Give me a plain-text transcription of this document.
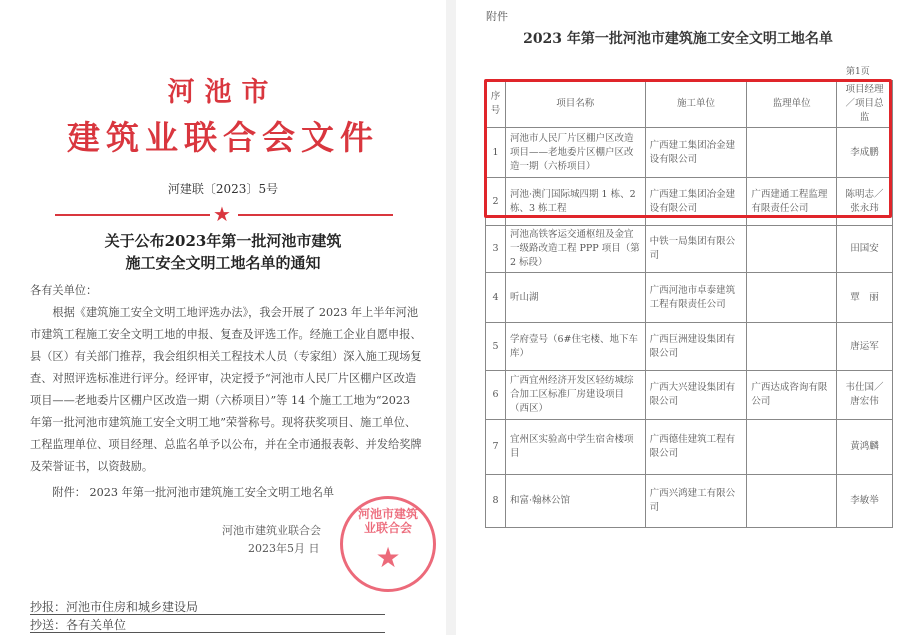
河池市
建筑业联合会文件
河建联〔2023〕5号
★
关于公布2023年第一批河池市建筑
施工安全文明工地名单的通知

各有关单位：

根据《建筑施工安全文明工地评选办法》，我会开展了 2023 年上半年河池市建筑工程施工安全文明工地的申报、复查及评选工作。经施工企业自愿申报、县（区）有关部门推荐，我会组织相关工程技术人员（专家组）深入施工现场复查、对照评选标准进行评分。经评审，决定授予“河池市人民厂片区棚户区改造项目——老地委片区棚户区改造一期（六桥项目）”等 14 个施工工地为“2023 年第一批河池市建筑施工安全文明工地”荣誉称号。现将获奖项目、施工单位、工程监理单位、项目经理、总监名单予以公布，并在全市通报表彰、并发给奖牌及荣誉证书，以资鼓励。

附件： 2023 年第一批河池市建筑施工安全文明工地名单

河池市建筑业联合会
2023年5月 日
河池市建筑业联合会
★
抄报：河池市住房和城乡建设局
抄送：各有关单位
附件
2023 年第一批河池市建筑施工安全文明工地名单
第1页
序号	项目名称	施工单位	监理单位	项目经理／项目总监
1	河池市人民厂片区棚户区改造项目——老地委片区棚户区改造一期（六桥项目）	广西建工集团冶金建设有限公司		李成鹏
2	河池·澳门国际城四期 1 栋、2 栋、3 栋工程	广西建工集团冶金建设有限公司	广西建通工程监理有限责任公司	陈明志／张永玮
3	河池高铁客运交通枢纽及金宜一级路改造工程 PPP 项目（第 2 标段）	中铁一局集团有限公司		田国安
4	听山湖	广西河池市卓泰建筑工程有限责任公司		覃　丽
5	学府壹号（6#住宅楼、地下车库）	广西巨洲建设集团有限公司		唐运军
6	广西宜州经济开发区轻纺城综合加工区标准厂房建设项目（西区）	广西大兴建设集团有限公司	广西达成咨询有限公司	韦仕国／唐宏伟
7	宜州区实验高中学生宿舍楼项目	广西德佳建筑工程有限公司		黄鸿麟
8	和富·翰林公馆	广西兴鸿建工有限公司		李敏举
